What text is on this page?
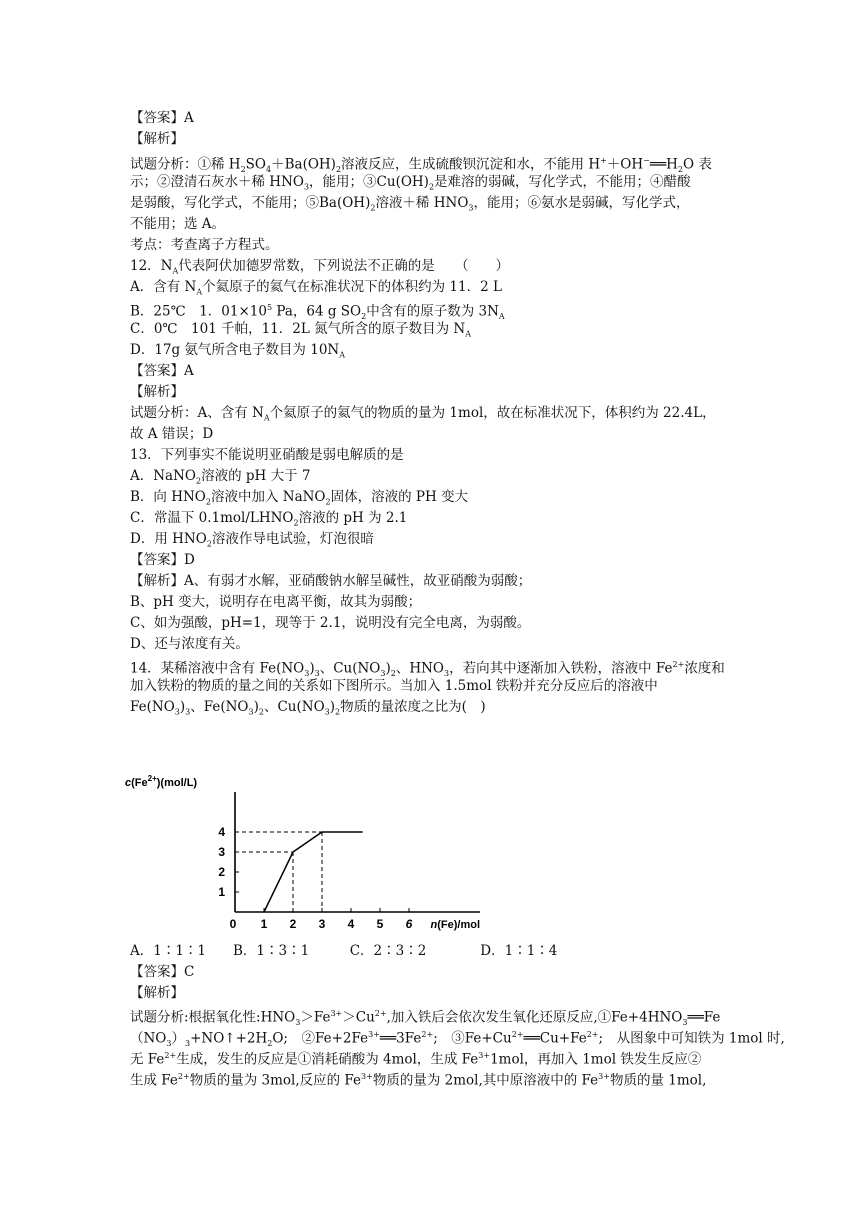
【答案】A
【解析】
试题分析：①稀 $H_2SO_4+Ba(OH)_2$溶液反应，生成硫酸钡沉淀和水，不能用 $H^++OH^-══H_2O$ 表
示；②澄清石灰水＋稀 $HNO_3$，能用；$③Cu(OH)_2$是难溶的弱碱，写化学式，不能用；④醋酸
是弱酸，写化学式，不能用；$⑤Ba(OH)_2$溶液＋稀 $HNO_3$，能用；⑥氨水是弱碱，写化学式，
不能用；选 A。
考点：考查离子方程式。
12．$N_A$代表阿伏加德罗常数，下列说法不正确的是　　（　　）
A．含有 $N_A$个氦原子的氦气在标准状况下的体积约为 11．2 L
B．25℃　1．$01\times 10^5$ Pa，64 g $SO_2$中含有的原子数为 $3N_A$
C．0℃　101 千帕，11．2L 氮气所含的原子数目为 $N_A$
D．17g 氨气所含电子数目为 $10N_A$
【答案】A
【解析】
试题分析：A、含有 $N_A$个氦原子的氦气的物质的量为 1mol，故在标准状况下，体积约为 22.4L，
故 A 错误；D
13．下列事实不能说明亚硝酸是弱电解质的是
A．NaNO$_2$溶液的 pH 大于 7
B．向 $HNO_2$溶液中加入 NaNO$_2$固体，溶液的 PH 变大
C．常温下 $0.1mol/LHNO_2$溶液的 pH 为 2.1
D．用 $HNO_2$溶液作导电试验，灯泡很暗
【答案】D
【解析】A、有弱才水解，亚硝酸钠水解呈碱性，故亚硝酸为弱酸；
B、pH 变大，说明存在电离平衡，故其为弱酸；
C、如为强酸，pH=1，现等于 2.1，说明没有完全电离，为弱酸。
D、还与浓度有关。
14．某稀溶液中含有 $Fe(NO_3)_3$、$Cu(NO_3)_2$、$HNO_3$，若向其中逐渐加入铁粉，溶液中 $Fe^{2+}$浓度和
加入铁粉的物质的量之间的关系如下图所示。当加入 1.5mol 铁粉并充分反应后的溶液中
$Fe(NO_3)_3$、$Fe(NO_3)_2$、$Cu(NO_3)_2$物质的量浓度之比为(　)
A．1∶1∶1　　B．1∶3∶1　　　C．2∶3∶2　　　　D．1∶1∶4
【答案】C
【解析】
试题分析:根据氧化性$:HNO_3>Fe^{3+}>Cu^{2+}$,加入铁后会依次发生氧化还原反应$,①Fe+4HNO_3══Fe$
$(NO_3)_3+NO↑+2H_2O$;　$②Fe+2Fe^{3+}══3Fe^{2+}$;　$③Fe+Cu^{2+}══Cu+Fe^{2+}$;　从图象中可知铁为 1mol 时,
无 $Fe^{2+}$生成，发生的反应是①消耗硝酸为 4mol，生成 $Fe^{3+}1mol$，再加入 1mol 铁发生反应②
生成 $Fe^{2+}$物质的量为 3mol,反应的 $Fe^{3+}$物质的量为 2mol,其中原溶液中的 $Fe^{3+}$物质的量 1mol,
$c(Fe^{2+})(mol/L)$
n(Fe)/mol
0 1 2 3 4 5 6
1
2
3
4
